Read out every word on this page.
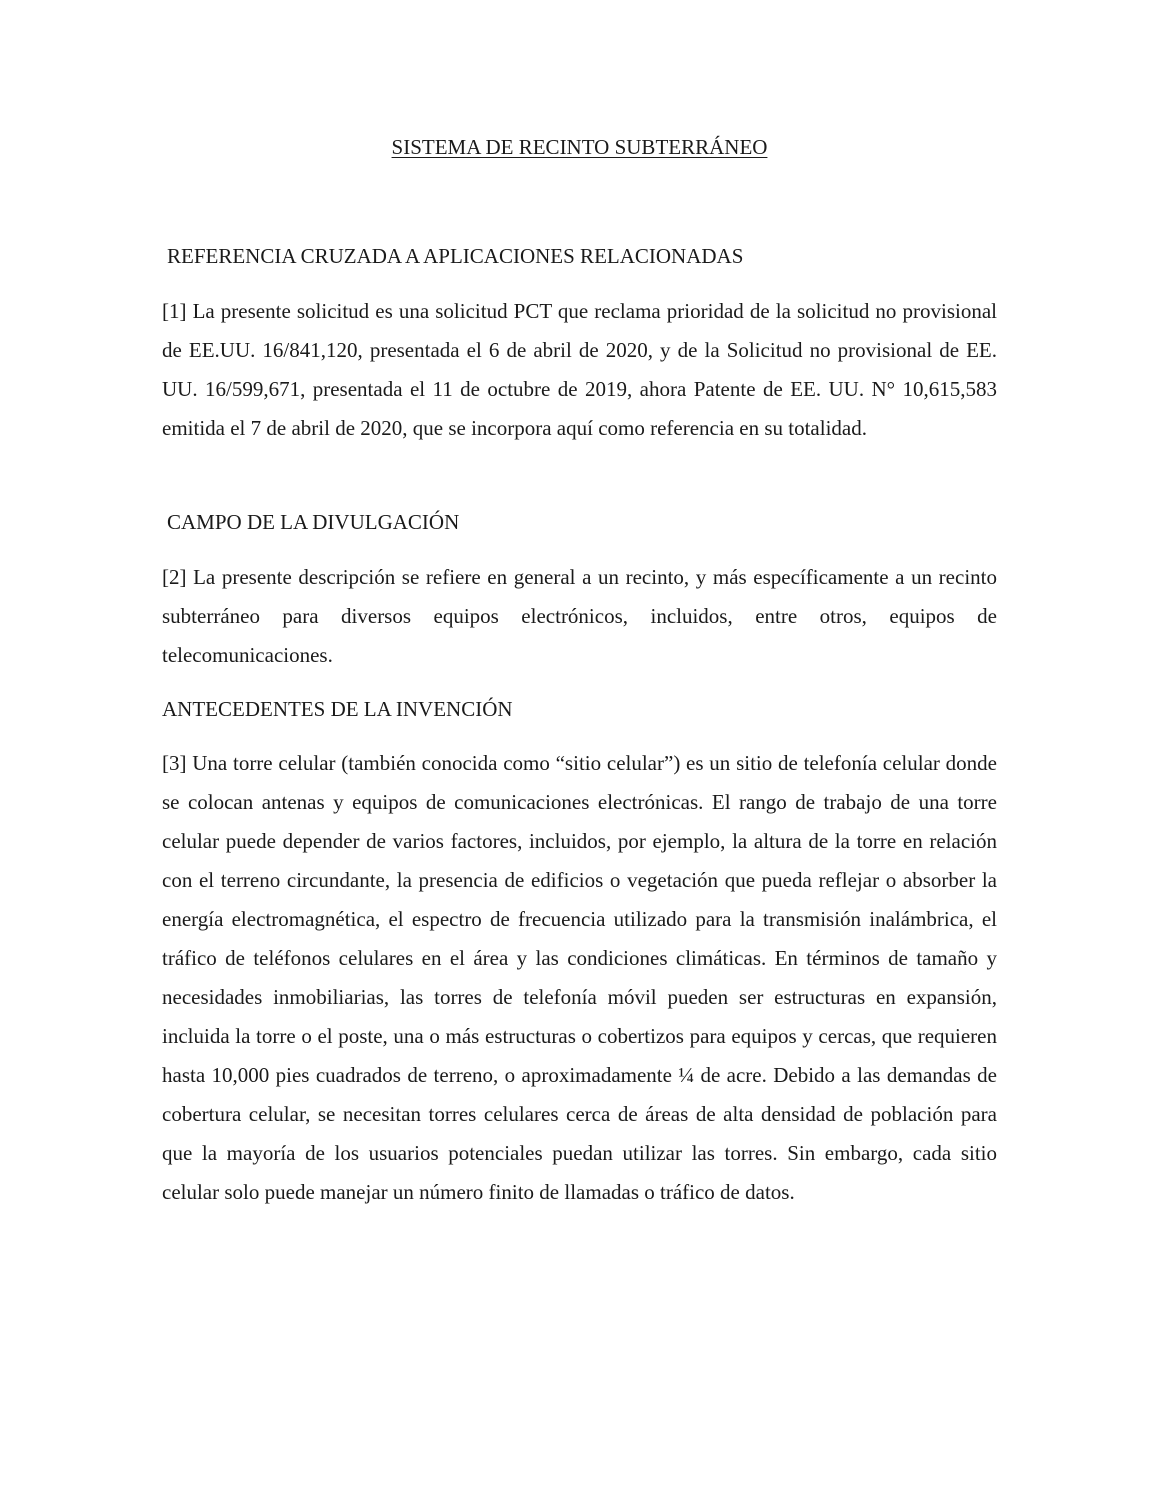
SISTEMA DE RECINTO SUBTERRÁNEO
REFERENCIA CRUZADA A APLICACIONES RELACIONADAS

[1] La presente solicitud es una solicitud PCT que reclama prioridad de la solicitud no provisional de EE.UU. 16/841,120, presentada el 6 de abril de 2020, y de la Solicitud no provisional de EE. UU. 16/599,671, presentada el 11 de octubre de 2019, ahora Patente de EE. UU. N° 10,615,583 emitida el 7 de abril de 2020, que se incorpora aquí como referencia en su totalidad.

CAMPO DE LA DIVULGACIÓN

[2] La presente descripción se refiere en general a un recinto, y más específicamente a un recinto subterráneo para diversos equipos electrónicos, incluidos, entre otros, equipos de telecomunicaciones.

ANTECEDENTES DE LA INVENCIÓN

[3] Una torre celular (también conocida como “sitio celular”) es un sitio de telefonía celular donde se colocan antenas y equipos de comunicaciones electrónicas. El rango de trabajo de una torre celular puede depender de varios factores, incluidos, por ejemplo, la altura de la torre en relación con el terreno circundante, la presencia de edificios o vegetación que pueda reflejar o absorber la energía electromagnética, el espectro de frecuencia utilizado para la transmisión inalámbrica, el tráfico de teléfonos celulares en el área y las condiciones climáticas. En términos de tamaño y necesidades inmobiliarias, las torres de telefonía móvil pueden ser estructuras en expansión, incluida la torre o el poste, una o más estructuras o cobertizos para equipos y cercas, que requieren hasta 10,000 pies cuadrados de terreno, o aproximadamente ¼ de acre. Debido a las demandas de cobertura celular, se necesitan torres celulares cerca de áreas de alta densidad de población para que la mayoría de los usuarios potenciales puedan utilizar las torres. Sin embargo, cada sitio celular solo puede manejar un número finito de llamadas o tráfico de datos.
